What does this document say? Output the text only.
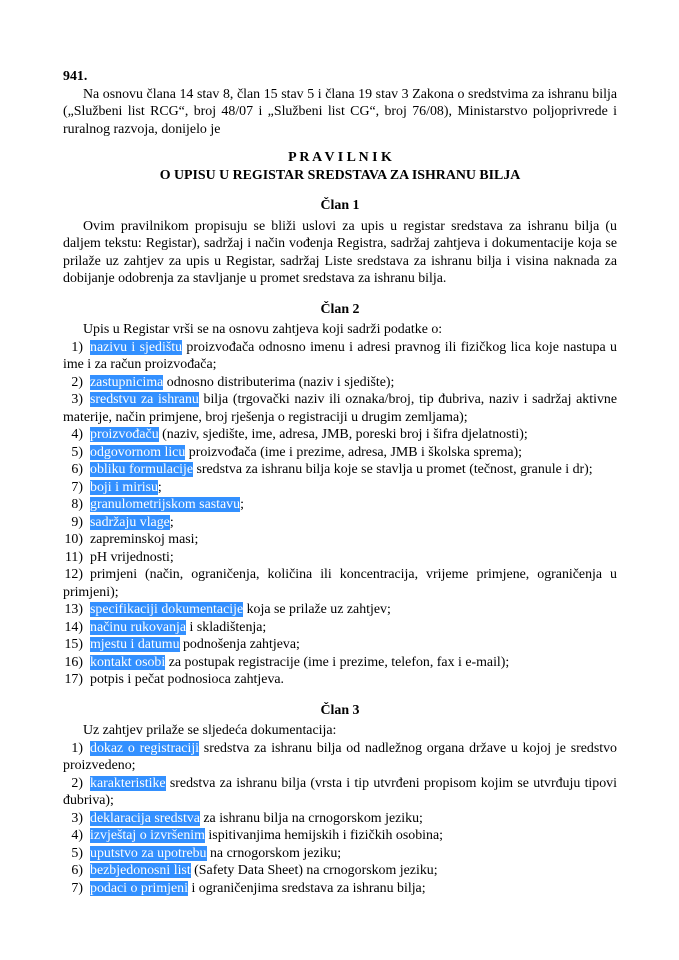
941.

Na osnovu člana 14 stav 8, član 15 stav 5 i člana 19 stav 3 Zakona o sredstvima za ishranu bilja („Službeni list RCG“, broj 48/07 i „Službeni list CG“, broj 76/08), Ministarstvo poljoprivrede i ruralnog razvoja, donijelo je

P R A V I L N I K

O UPISU U REGISTAR SREDSTAVA ZA ISHRANU BILJA

Član 1

Ovim pravilnikom propisuju se bliži uslovi za upis u registar sredstava za ishranu bilja (u daljem tekstu: Registar), sadržaj i način vođenja Registra, sadržaj zahtjeva i dokumentacije koja se prilaže uz zahtjev za upis u Registar, sadržaj Liste sredstava za ishranu bilja i visina naknada za dobijanje odobrenja za stavljanje u promet sredstava za ishranu bilja.

Član 2

Upis u Registar vrši se na osnovu zahtjeva koji sadrži podatke o:

1) nazivu i sjedištu proizvođača odnosno imenu i adresi pravnog ili fizičkog lica koje nastupa u ime i za račun proizvođača;

2) zastupnicima odnosno distributerima (naziv i sjedište);

3) sredstvu za ishranu bilja (trgovački naziv ili oznaka/broj, tip đubriva, naziv i sadržaj aktivne materije, način primjene, broj rješenja o registraciji u drugim zemljama);

4) proizvođaču (naziv, sjedište, ime, adresa, JMB, poreski broj i šifra djelatnosti);

5) odgovornom licu proizvođača (ime i prezime, adresa, JMB i školska sprema);

6) obliku formulacije sredstva za ishranu bilja koje se stavlja u promet (tečnost, granule i dr);

7) boji i mirisu;

8) granulometrijskom sastavu;

9) sadržaju vlage;

10) zapreminskoj masi;

11) pH vrijednosti;

12) primjeni (način, ograničenja, količina ili koncentracija, vrijeme primjene, ograničenja u primjeni);

13) specifikaciji dokumentacije koja se prilaže uz zahtjev;

14) načinu rukovanja i skladištenja;

15) mjestu i datumu podnošenja zahtjeva;

16) kontakt osobi za postupak registracije (ime i prezime, telefon, fax i e-mail);

17) potpis i pečat podnosioca zahtjeva.

Član 3

Uz zahtjev prilaže se sljedeća dokumentacija:

1) dokaz o registraciji sredstva za ishranu bilja od nadležnog organa države u kojoj je sredstvo proizvedeno;

2) karakteristike sredstva za ishranu bilja (vrsta i tip utvrđeni propisom kojim se utvrđuju tipovi đubriva);

3) deklaracija sredstva za ishranu bilja na crnogorskom jeziku;

4) izvještaj o izvršenim ispitivanjima hemijskih i fizičkih osobina;

5) uputstvo za upotrebu na crnogorskom jeziku;

6) bezbjedonosni list (Safety Data Sheet) na crnogorskom jeziku;

7) podaci o primjeni i ograničenjima sredstava za ishranu bilja;
